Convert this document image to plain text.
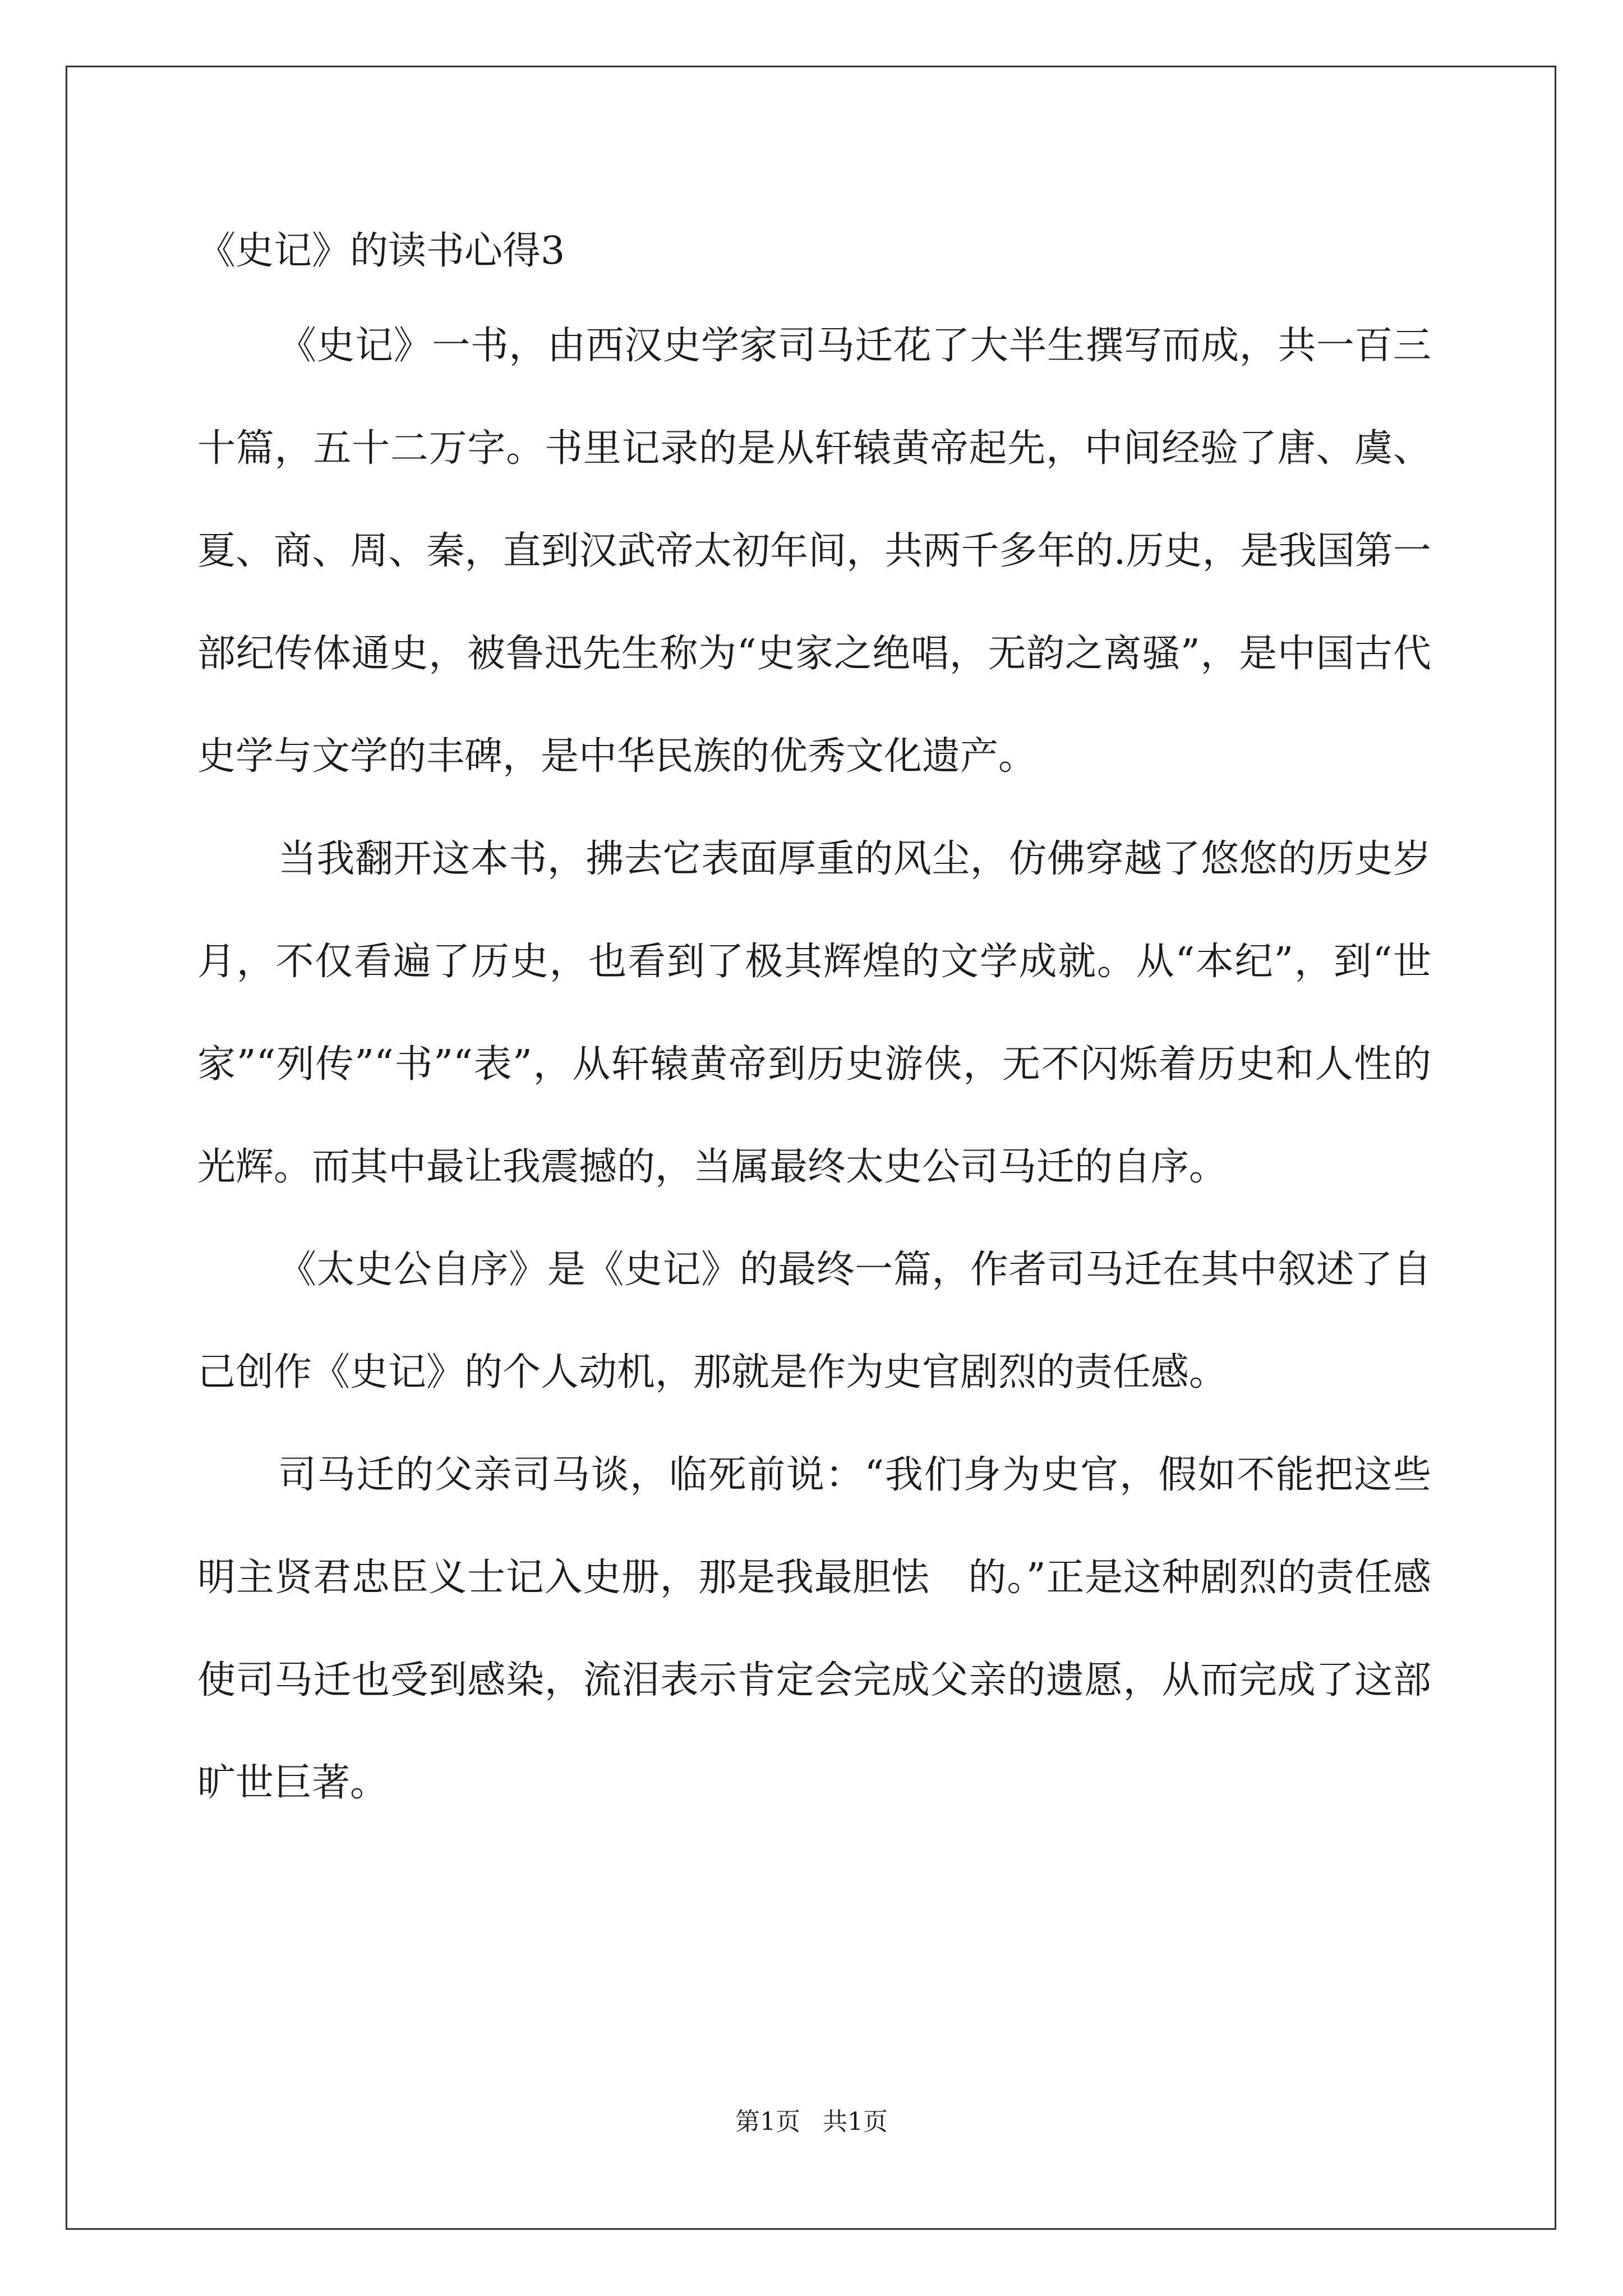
《史记》的读书心得3

《史记》一书，由西汉史学家司马迁花了大半生撰写而成，共一百三十篇，五十二万字。书里记录的是从轩辕黄帝起先，中间经验了唐、虞、夏、商、周、秦，直到汉武帝太初年间，共两千多年的.历史，是我国第一部纪传体通史，被鲁迅先生称为“史家之绝唱，无韵之离骚”，是中国古代史学与文学的丰碑，是中华民族的优秀文化遗产。

当我翻开这本书，拂去它表面厚重的风尘，仿佛穿越了悠悠的历史岁月，不仅看遍了历史，也看到了极其辉煌的文学成就。从“本纪”，到“世家”“列传”“书”“表”，从轩辕黄帝到历史游侠，无不闪烁着历史和人性的光辉。而其中最让我震撼的，当属最终太史公司马迁的自序。

《太史公自序》是《史记》的最终一篇，作者司马迁在其中叙述了自己创作《史记》的个人动机，那就是作为史官剧烈的责任感。

司马迁的父亲司马谈，临死前说：“我们身为史官，假如不能把这些明主贤君忠臣义士记入史册，那是我最胆怯　的。”正是这种剧烈的责任感使司马迁也受到感染，流泪表示肯定会完成父亲的遗愿，从而完成了这部旷世巨著。

第1页 共1页
